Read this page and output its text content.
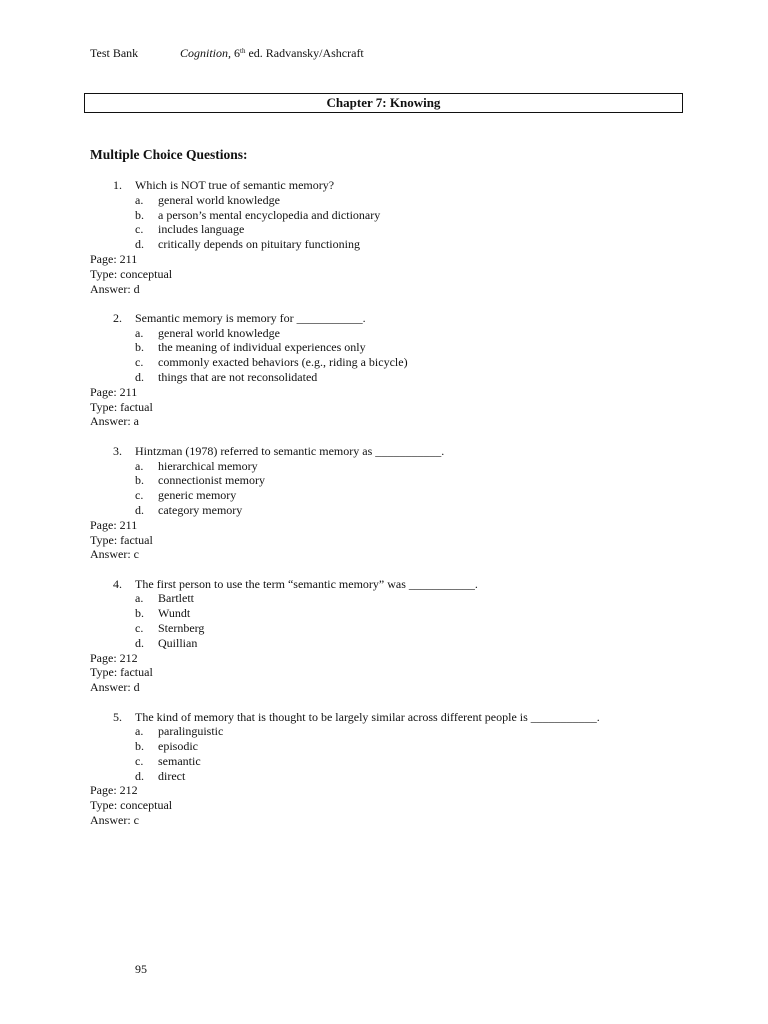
Test Bank	Cognition, 6th ed. Radvansky/Ashcraft
Chapter 7: Knowing
Multiple Choice Questions:
1. Which is NOT true of semantic memory?
a. general world knowledge
b. a person’s mental encyclopedia and dictionary
c. includes language
d. critically depends on pituitary functioning
Page: 211
Type: conceptual
Answer: d
2. Semantic memory is memory for ___________.
a. general world knowledge
b. the meaning of individual experiences only
c. commonly exacted behaviors (e.g., riding a bicycle)
d. things that are not reconsolidated
Page: 211
Type: factual
Answer: a
3. Hintzman (1978) referred to semantic memory as ___________.
a. hierarchical memory
b. connectionist memory
c. generic memory
d. category memory
Page: 211
Type: factual
Answer: c
4. The first person to use the term “semantic memory” was ___________.
a. Bartlett
b. Wundt
c. Sternberg
d. Quillian
Page: 212
Type: factual
Answer: d
5. The kind of memory that is thought to be largely similar across different people is ___________.
a. paralinguistic
b. episodic
c. semantic
d. direct
Page: 212
Type: conceptual
Answer: c
95
